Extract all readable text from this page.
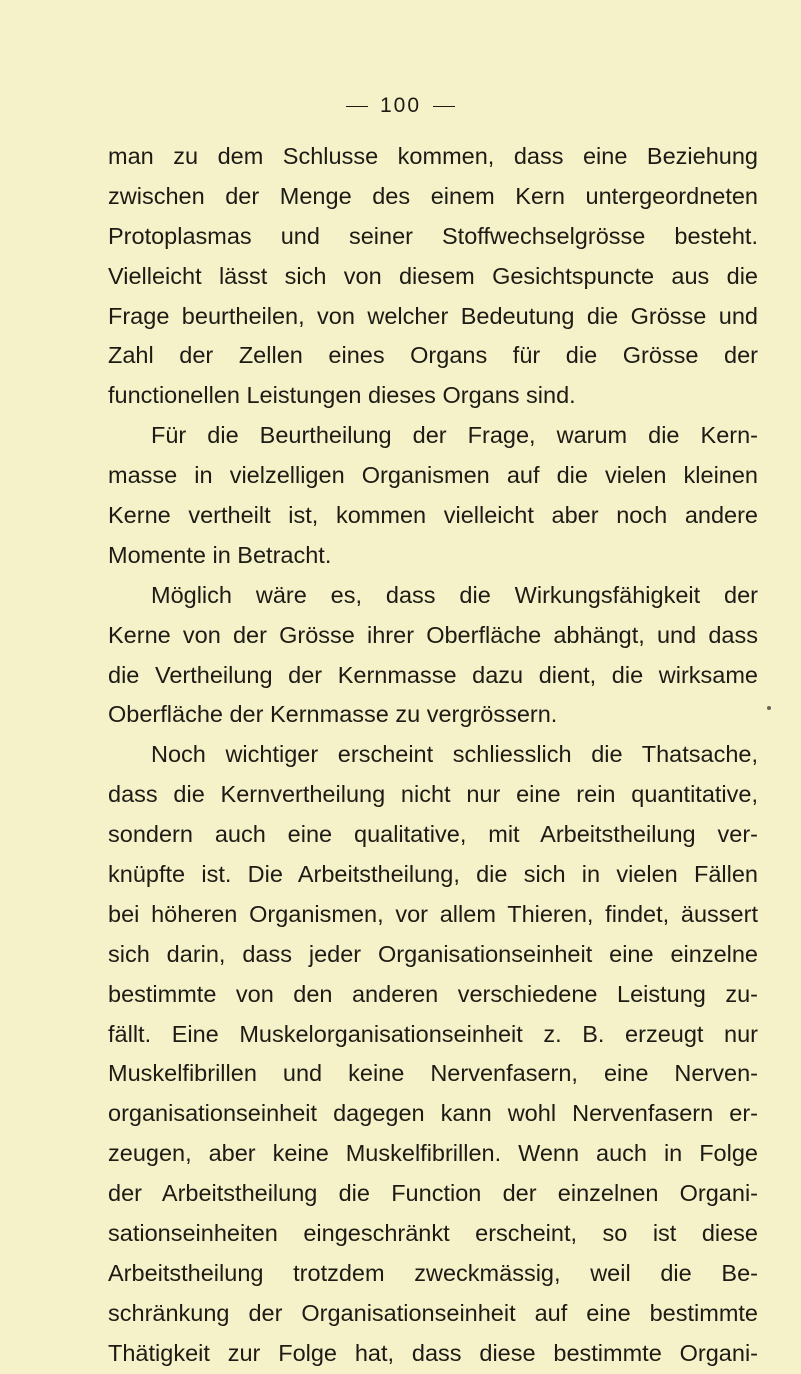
100
man zu dem Schlusse kommen, dass eine Beziehung
zwischen der Menge des einem Kern untergeordneten
Protoplasmas und seiner Stoffwechselgrösse besteht.
Vielleicht lässt sich von diesem Gesichtspuncte aus die
Frage beurtheilen, von welcher Bedeutung die Grösse und
Zahl der Zellen eines Organs für die Grösse der
functionellen Leistungen dieses Organs sind.
Für die Beurtheilung der Frage, warum die Kern-
masse in vielzelligen Organismen auf die vielen kleinen
Kerne vertheilt ist, kommen vielleicht aber noch andere
Momente in Betracht.
Möglich wäre es, dass die Wirkungsfähigkeit der
Kerne von der Grösse ihrer Oberfläche abhängt, und dass
die Vertheilung der Kernmasse dazu dient, die wirksame
Oberfläche der Kernmasse zu vergrössern.
Noch wichtiger erscheint schliesslich die Thatsache,
dass die Kernvertheilung nicht nur eine rein quantitative,
sondern auch eine qualitative, mit Arbeitstheilung ver-
knüpfte ist. Die Arbeitstheilung, die sich in vielen Fällen
bei höheren Organismen, vor allem Thieren, findet, äussert
sich darin, dass jeder Organisationseinheit eine einzelne
bestimmte von den anderen verschiedene Leistung zu-
fällt. Eine Muskelorganisationseinheit z. B. erzeugt nur
Muskelfibrillen und keine Nervenfasern, eine Nerven-
organisationseinheit dagegen kann wohl Nervenfasern er-
zeugen, aber keine Muskelfibrillen. Wenn auch in Folge
der Arbeitstheilung die Function der einzelnen Organi-
sationseinheiten eingeschränkt erscheint, so ist diese
Arbeitstheilung trotzdem zweckmässig, weil die Be-
schränkung der Organisationseinheit auf eine bestimmte
Thätigkeit zur Folge hat, dass diese bestimmte Organi-
